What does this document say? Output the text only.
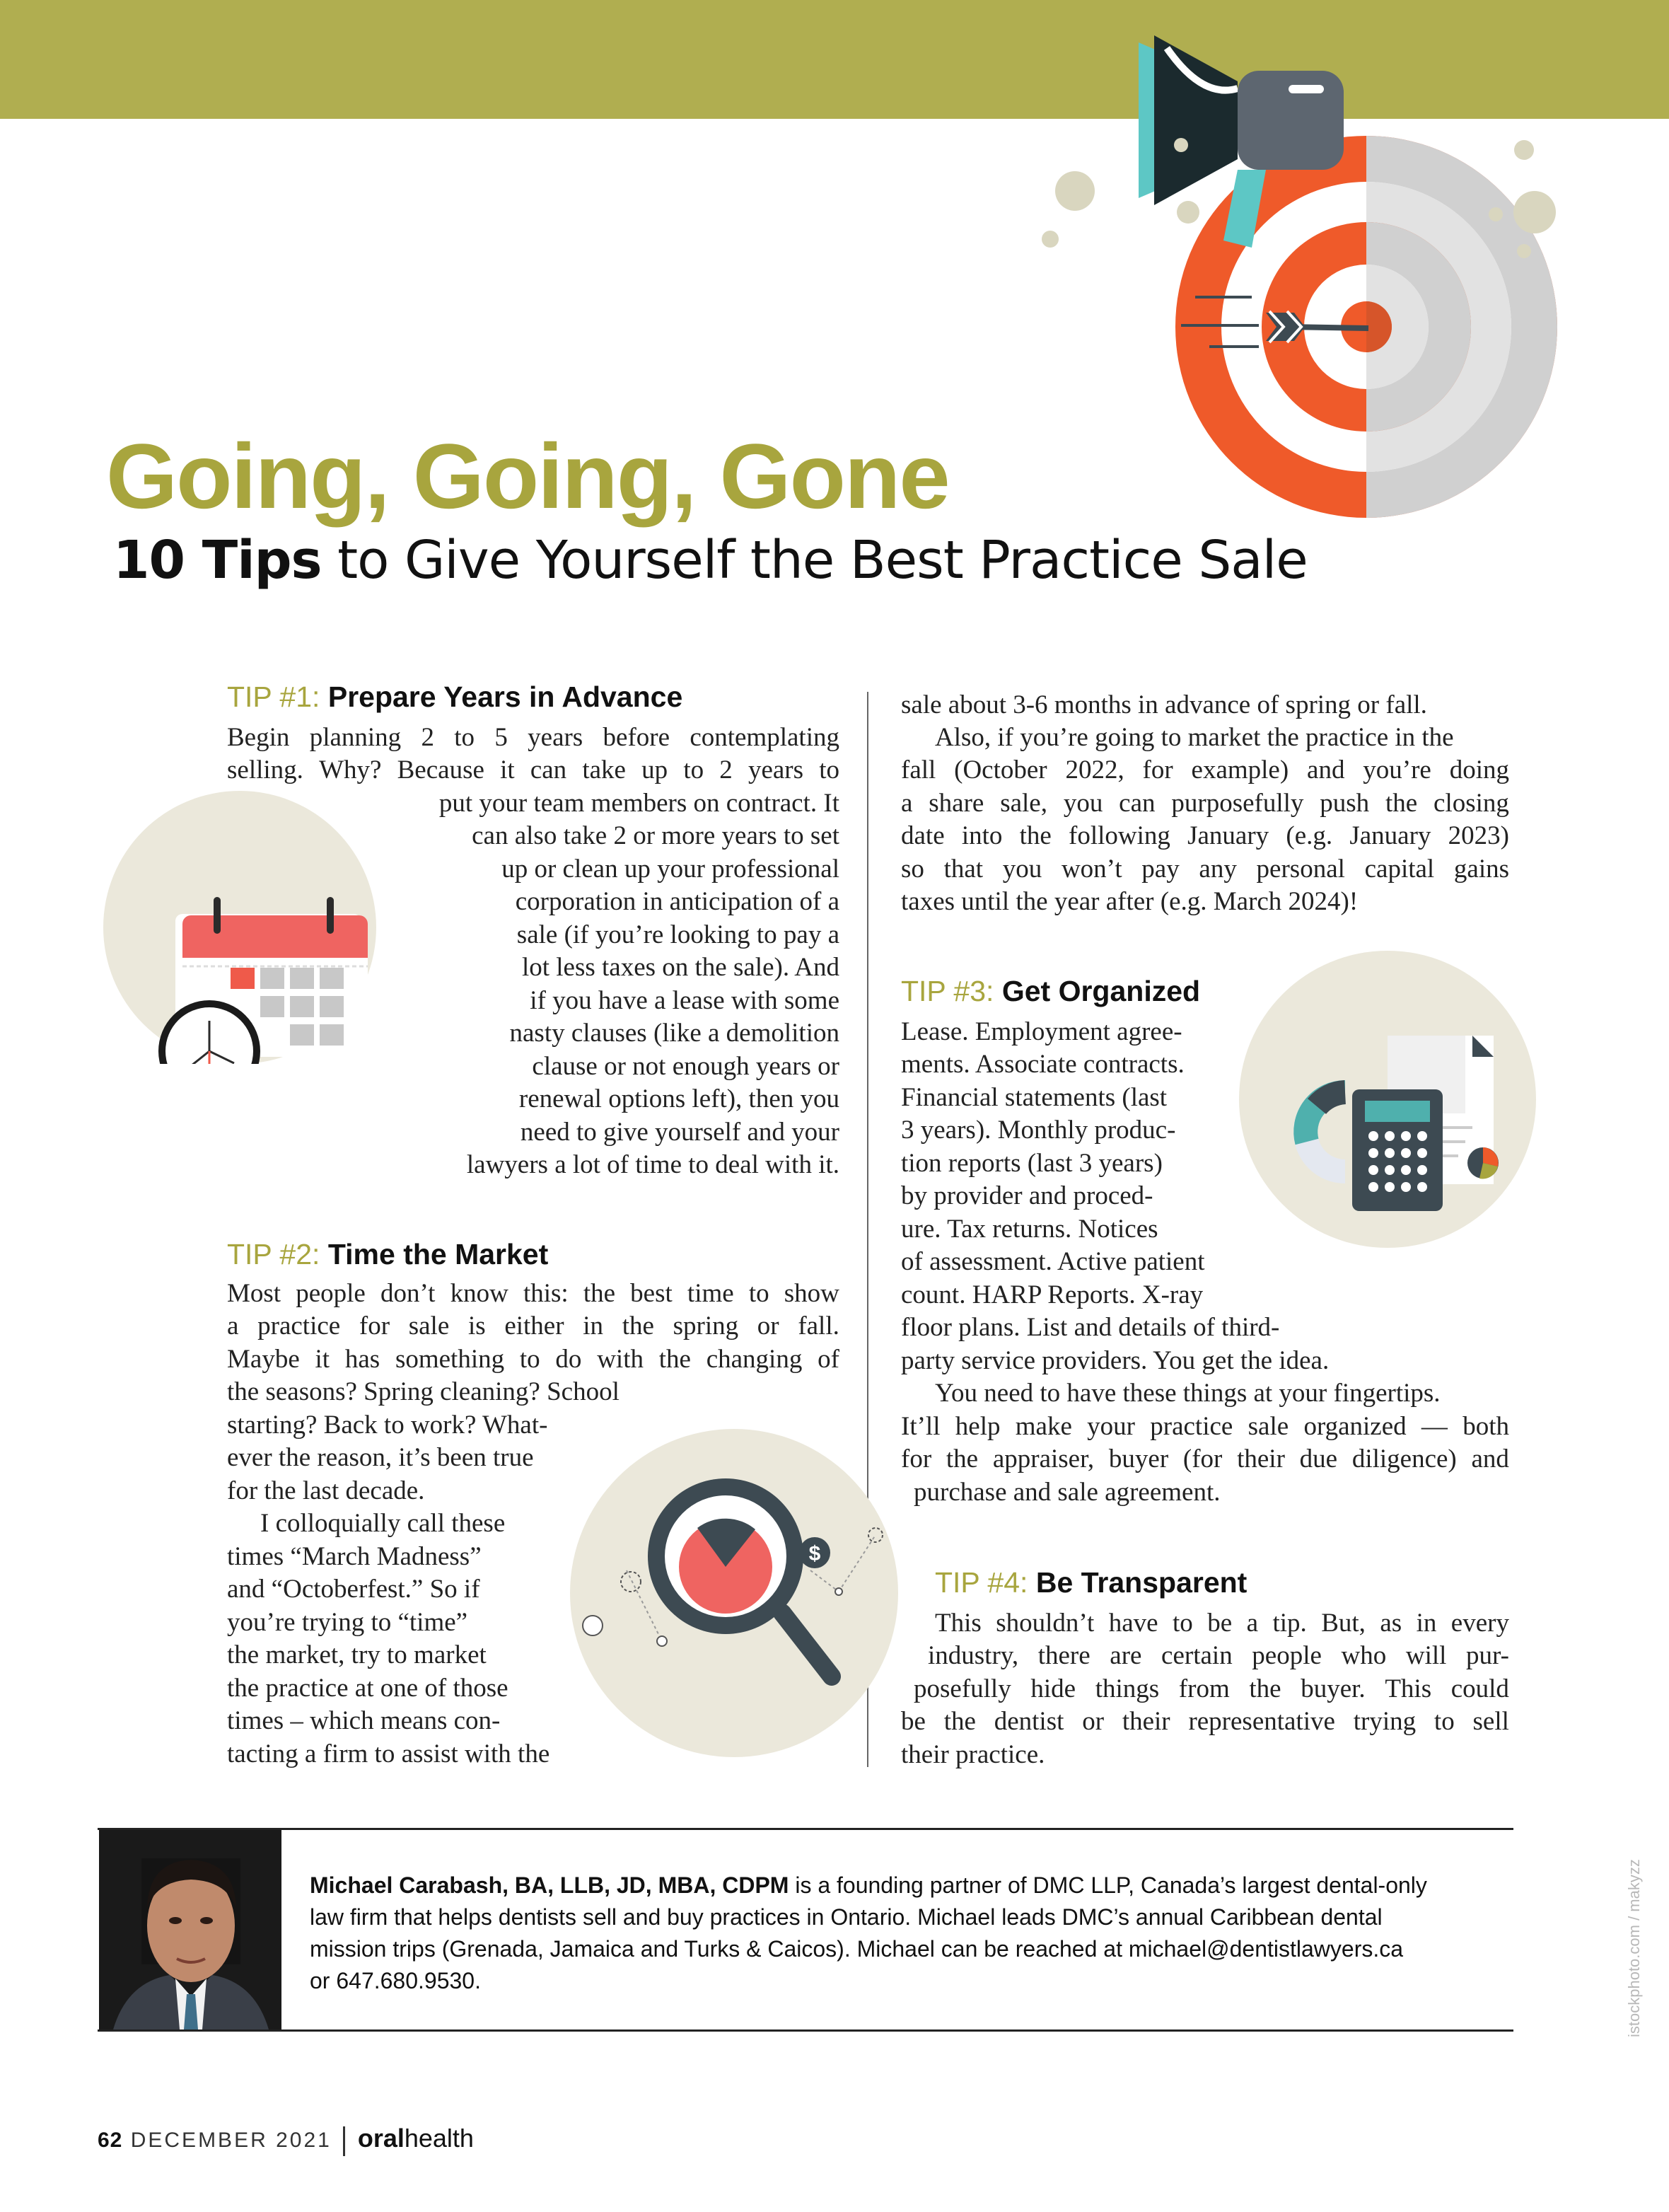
Going, Going, Gone
10 Tips to Give Yourself the Best Practice Sale
$
TIP #1: Prepare Years in Advance
Begin planning 2 to 5 years before contemplating
selling. Why? Because it can take up to 2 years to
put your team members on contract. It
can also take 2 or more years to set
up or clean up your professional
corporation in anticipation of a
sale (if you’re looking to pay a
lot less taxes on the sale). And
if you have a lease with some
nasty clauses (like a demolition
clause or not enough years or
renewal options left), then you
need to give yourself and your
lawyers a lot of time to deal with it.
TIP #2: Time the Market
Most people don’t know this: the best time to show
a practice for sale is either in the spring or fall.
Maybe it has something to do with the changing of
the seasons? Spring cleaning? School
starting? Back to work? What-
ever the reason, it’s been true
for the last decade.
I colloquially call these
times “March Madness”
and “Octoberfest.” So if
you’re trying to “time”
the market, try to market
the practice at one of those
times – which means con-
tacting a firm to assist with the
sale about 3-6 months in advance of spring or fall.
Also, if you’re going to market the practice in the
fall (October 2022, for example) and you’re doing
a share sale, you can purposefully push the closing
date into the following January (e.g. January 2023)
so that you won’t pay any personal capital gains
taxes until the year after (e.g. March 2024)!
TIP #3: Get Organized
Lease. Employment agree-
ments. Associate contracts.
Financial statements (last
3 years). Monthly produc-
tion reports (last 3 years)
by provider and proced-
ure. Tax returns. Notices
of assessment. Active patient
count. HARP Reports. X-ray
floor plans. List and details of third-
party service providers. You get the idea.
You need to have these things at your fingertips.
It’ll help make your practice sale organized — both
for the appraiser, buyer (for their due diligence) and
purchase and sale agreement.
TIP #4: Be Transparent
This shouldn’t have to be a tip. But, as in every
industry, there are certain people who will pur-
posefully hide things from the buyer. This could
be the dentist or their representative trying to sell
their practice.
Michael Carabash, BA, LLB, JD, MBA, CDPM is a founding partner of DMC LLP, Canada’s largest dental-only
law firm that helps dentists sell and buy practices in Ontario. Michael leads DMC’s annual Caribbean dental
mission trips (Grenada, Jamaica and Turks & Caicos). Michael can be reached at michael@dentistlawyers.ca
or 647.680.9530.	istockphoto.com / makyzz
62 DECEMBER 2021 oralhealth
